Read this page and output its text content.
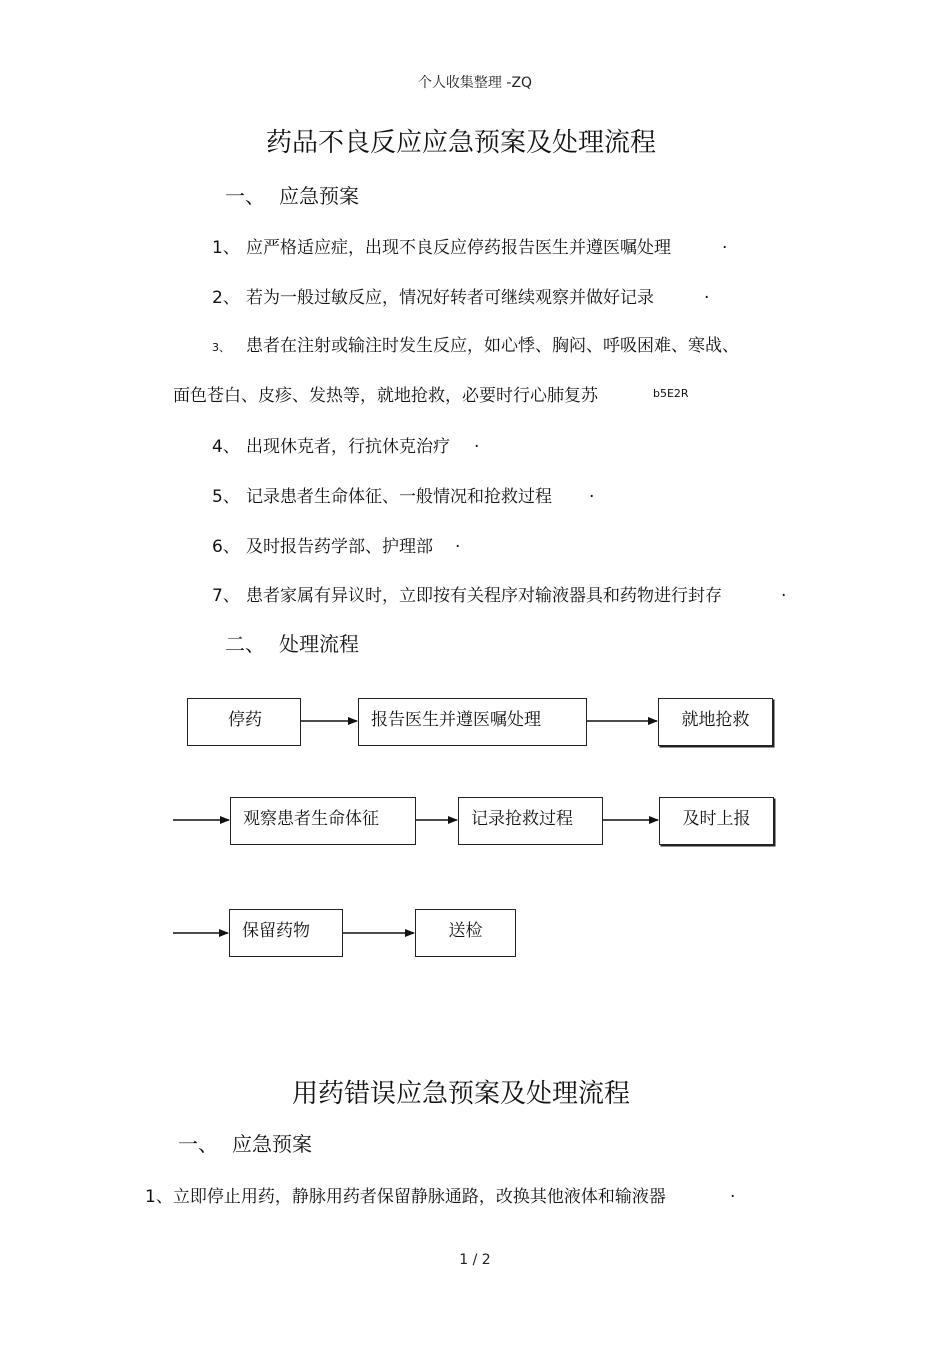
个人收集整理 -ZQ
药品不良反应应急预案及处理流程
一、 应急预案
1、 应严格适应症，出现不良反应停药报告医生并遵医嘱处理	.
2、 若为一般过敏反应，情况好转者可继续观察并做好记录	.
3、 患者在注射或输注时发生反应，如心悸、胸闷、呼吸困难、寒战、
面色苍白、皮疹、发热等，就地抢救，必要时行心肺复苏	b5E2R
4、 出现休克者，行抗休克治疗 .
5、 记录患者生命体征、一般情况和抢救过程 .
6、 及时报告药学部、护理部 .
7、 患者家属有异议时，立即按有关程序对输液器具和药物进行封存	.
二、 处理流程
停药	报告医生并遵医嘱处理	就地抢救
观察患者生命体征	记录抢救过程	及时上报
保留药物	送检
用药错误应急预案及处理流程
一、 应急预案
1、立即停止用药，静脉用药者保留静脉通路，改换其他液体和输液器	.
1 / 2
